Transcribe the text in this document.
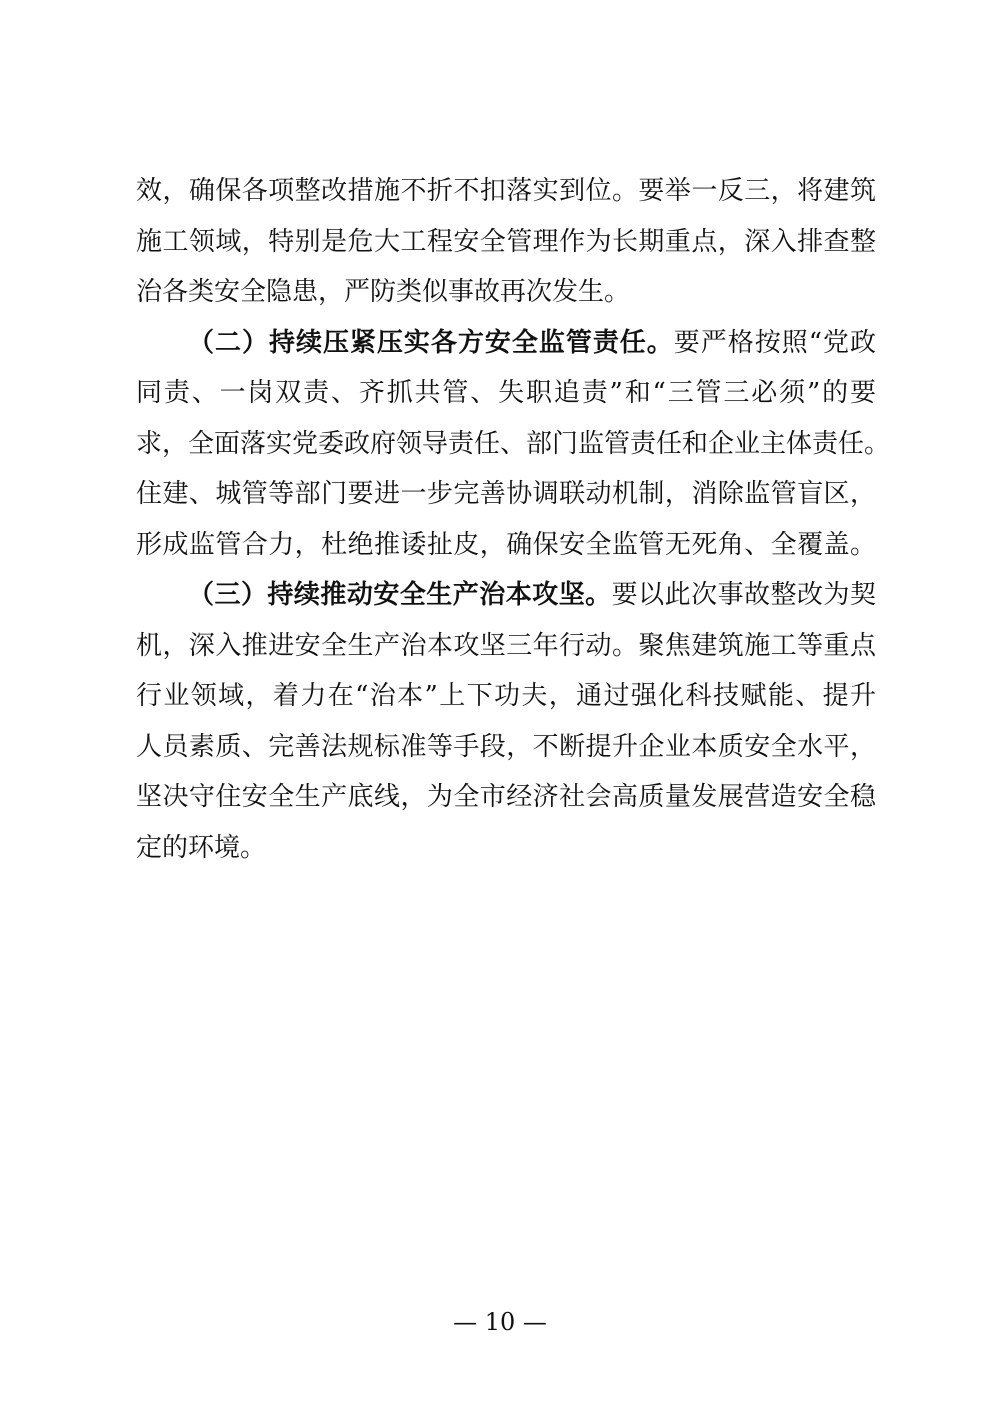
效，确保各项整改措施不折不扣落实到位。要举一反三，将建筑
施工领域，特别是危大工程安全管理作为长期重点，深入排查整
治各类安全隐患，严防类似事故再次发生。
（二）持续压紧压实各方安全监管责任。要严格按照“党政
同责、一岗双责、齐抓共管、失职追责”和“三管三必须”的要
求，全面落实党委政府领导责任、部门监管责任和企业主体责任。
住建、城管等部门要进一步完善协调联动机制，消除监管盲区，
形成监管合力，杜绝推诿扯皮，确保安全监管无死角、全覆盖。
（三）持续推动安全生产治本攻坚。要以此次事故整改为契
机，深入推进安全生产治本攻坚三年行动。聚焦建筑施工等重点
行业领域，着力在“治本”上下功夫，通过强化科技赋能、提升
人员素质、完善法规标准等手段，不断提升企业本质安全水平，
坚决守住安全生产底线，为全市经济社会高质量发展营造安全稳
定的环境。
— 10 —
